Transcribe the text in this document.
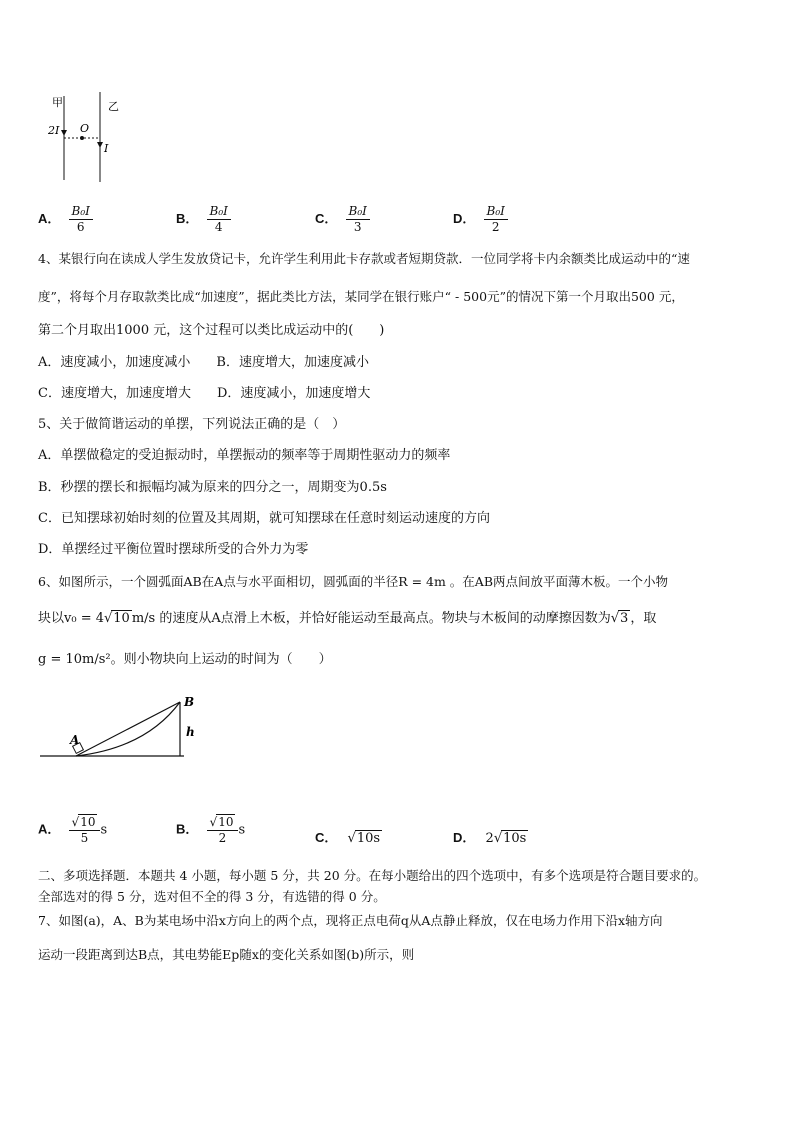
甲	乙
2I O
I
A． $\frac{\text{B₀I}}{6}$	B． $\frac{\text{B₀I}}{4}$	C． $\frac{\text{B₀I}}{3}$	D． $\frac{\text{B₀I}}{2}$
4、某银行向在读成人学生发放贷记卡，允许学生利用此卡存款或者短期贷款．一位同学将卡内余额类比成运动中的“速
度”，将每个月存取款类比成“加速度”，据此类比方法，某同学在银行账户“ - 500元”的情况下第一个月取出500 元，
第二个月取出1000 元，这个过程可以类比成运动中的(　　)
A．速度减小，加速度减小　　B．速度增大，加速度减小
C．速度增大，加速度增大　　D．速度减小，加速度增大
5、关于做简谐运动的单摆，下列说法正确的是（　）
A．单摆做稳定的受迫振动时，单摆振动的频率等于周期性驱动力的频率
B．秒摆的摆长和振幅均减为原来的四分之一，周期变为0.5s
C．已知摆球初始时刻的位置及其周期，就可知摆球在任意时刻运动速度的方向
D．单摆经过平衡位置时摆球所受的合外力为零
6、如图所示，一个圆弧面AB在A点与水平面相切，圆弧面的半径R = 4m 。在AB两点间放平面薄木板。一个小物
块以v₀ = 4√10 m/s 的速度从A点滑上木板，并恰好能运动至最高点。物块与木板间的动摩擦因数为√3 ，取
g = 10m/s²。则小物块向上运动的时间为（　　）
B
A
h
A． $\frac{√10}{5}$ s	B． $\frac{√10}{2}$ s	C． √10s	D． 2√10s
二、多项选择题．本题共 4 小题，每小题 5 分，共 20 分。在每小题给出的四个选项中，有多个选项是符合题目要求的。
全部选对的得 5 分，选对但不全的得 3 分，有选错的得 0 分。
7、如图(a)，A、B为某电场中沿x方向上的两个点，现将正点电荷q从A点静止释放，仅在电场力作用下沿x轴方向
运动一段距离到达B点，其电势能Ep随x的变化关系如图(b)所示，则
